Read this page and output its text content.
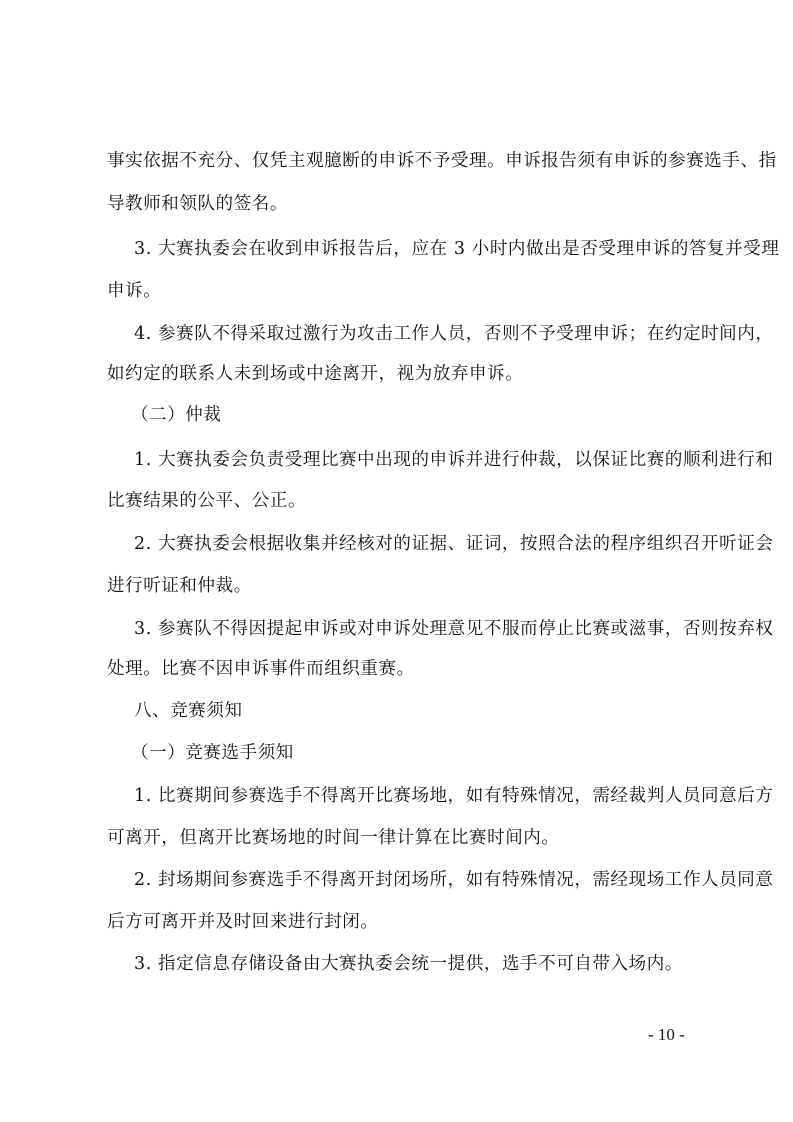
事实依据不充分、仅凭主观臆断的申诉不予受理。申诉报告须有申诉的参赛选手、指
导教师和领队的签名。
3. 大赛执委会在收到申诉报告后，应在 3 小时内做出是否受理申诉的答复并受理
申诉。
4. 参赛队不得采取过激行为攻击工作人员，否则不予受理申诉；在约定时间内，
如约定的联系人未到场或中途离开，视为放弃申诉。
（二）仲裁
1. 大赛执委会负责受理比赛中出现的申诉并进行仲裁，以保证比赛的顺利进行和
比赛结果的公平、公正。
2. 大赛执委会根据收集并经核对的证据、证词，按照合法的程序组织召开听证会
进行听证和仲裁。
3. 参赛队不得因提起申诉或对申诉处理意见不服而停止比赛或滋事，否则按弃权
处理。比赛不因申诉事件而组织重赛。
八、竞赛须知
（一）竞赛选手须知
1. 比赛期间参赛选手不得离开比赛场地，如有特殊情况，需经裁判人员同意后方
可离开，但离开比赛场地的时间一律计算在比赛时间内。
2. 封场期间参赛选手不得离开封闭场所，如有特殊情况，需经现场工作人员同意
后方可离开并及时回来进行封闭。
3. 指定信息存储设备由大赛执委会统一提供，选手不可自带入场内。
- 10 -
